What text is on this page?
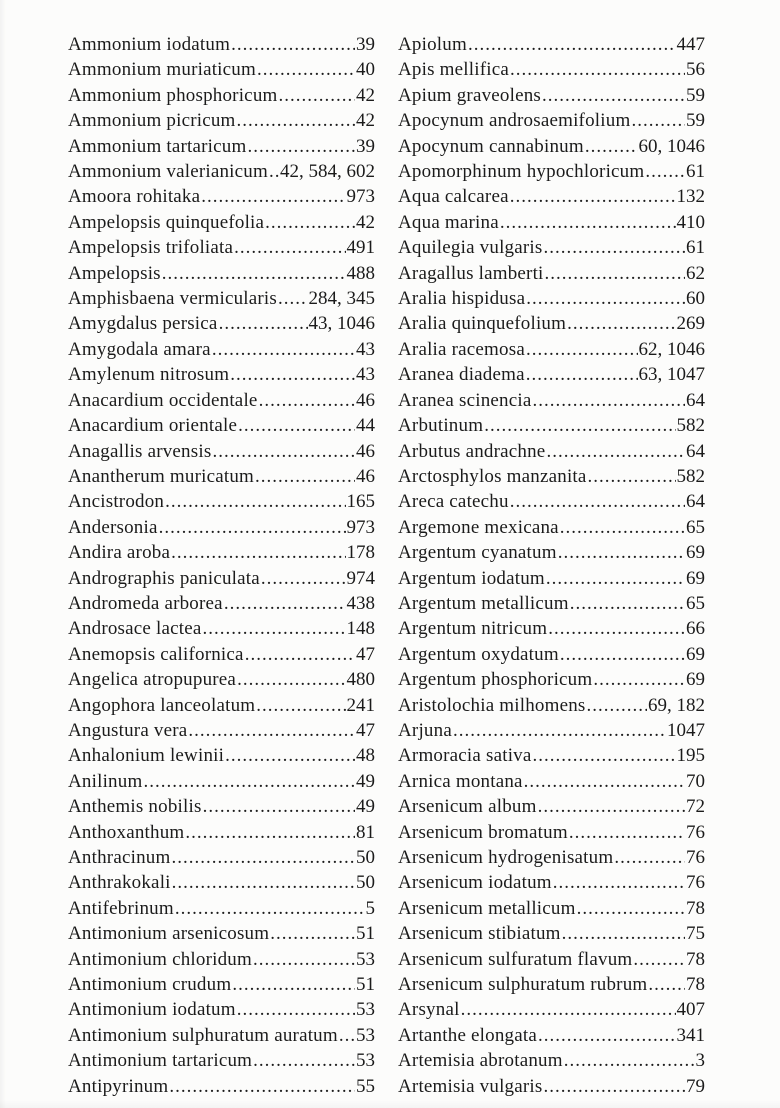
Ammonium iodatum .....	39
Ammonium muriaticum .....	40
Ammonium phosphoricum .....	42
Ammonium picricum .....	42
Ammonium tartaricum .....	39
Ammonium valerianicum ..... 42, 584, 602
Amoora rohitaka .....	973
Ampelopsis quinquefolia .....	42
Ampelopsis trifoliata .....	491
Ampelopsis .....	488
Amphisbaena vermicularis ..... 284, 345
Amygdalus persica .....	43, 1046
Amygodala amara .....	43
Amylenum nitrosum .....	43
Anacardium occidentale .....	46
Anacardium orientale .....	44
Anagallis arvensis .....	46
Anantherum muricatum .....	46
Ancistrodon .....	165
Andersonia .....	973
Andira aroba .....	178
Andrographis paniculata .....	974
Andromeda arborea .....	438
Androsace lactea .....	148
Anemopsis californica .....	47
Angelica atropupurea .....	480
Angophora lanceolatum .....	241
Angustura vera .....	47
Anhalonium lewinii .....	48
Anilinum .....	49
Anthemis nobilis .....	49
Anthoxanthum .....	81
Anthracinum .....	50
Anthrakokali .....	50
Antifebrinum .....	5
Antimonium arsenicosum .....	51
Antimonium chloridum .....	53
Antimonium crudum .....	51
Antimonium iodatum .....	53
Antimonium sulphuratum auratum ..... 53
Antimonium tartaricum .....	53
Antipyrinum .....	55
Apiolum .....	447
Apis mellifica .....	56
Apium graveolens .....	59
Apocynum androsaemifolium .....	59
Apocynum cannabinum .....	60, 1046
Apomorphinum hypochloricum ..... 61
Aqua calcarea .....	132
Aqua marina .....	410
Aquilegia vulgaris .....	61
Aragallus lamberti .....	62
Aralia hispidusa .....	60
Aralia quinquefolium .....	269
Aralia racemosa .....	62, 1046
Aranea diadema .....	63, 1047
Aranea scinencia .....	64
Arbutinum .....	582
Arbutus andrachne .....	64
Arctosphylos manzanita .....	582
Areca catechu .....	64
Argemone mexicana .....	65
Argentum cyanatum .....	69
Argentum iodatum .....	69
Argentum metallicum .....	65
Argentum nitricum .....	66
Argentum oxydatum .....	69
Argentum phosphoricum .....	69
Aristolochia milhomens .....	69, 182
Arjuna .....	1047
Armoracia sativa .....	195
Arnica montana .....	70
Arsenicum album .....	72
Arsenicum bromatum .....	76
Arsenicum hydrogenisatum .....	76
Arsenicum iodatum .....	76
Arsenicum metallicum .....	78
Arsenicum stibiatum .....	75
Arsenicum sulfuratum flavum .....	78
Arsenicum sulphuratum rubrum ..... 78
Arsynal .....	407
Artanthe elongata .....	341
Artemisia abrotanum .....	3
Artemisia vulgaris .....	79
